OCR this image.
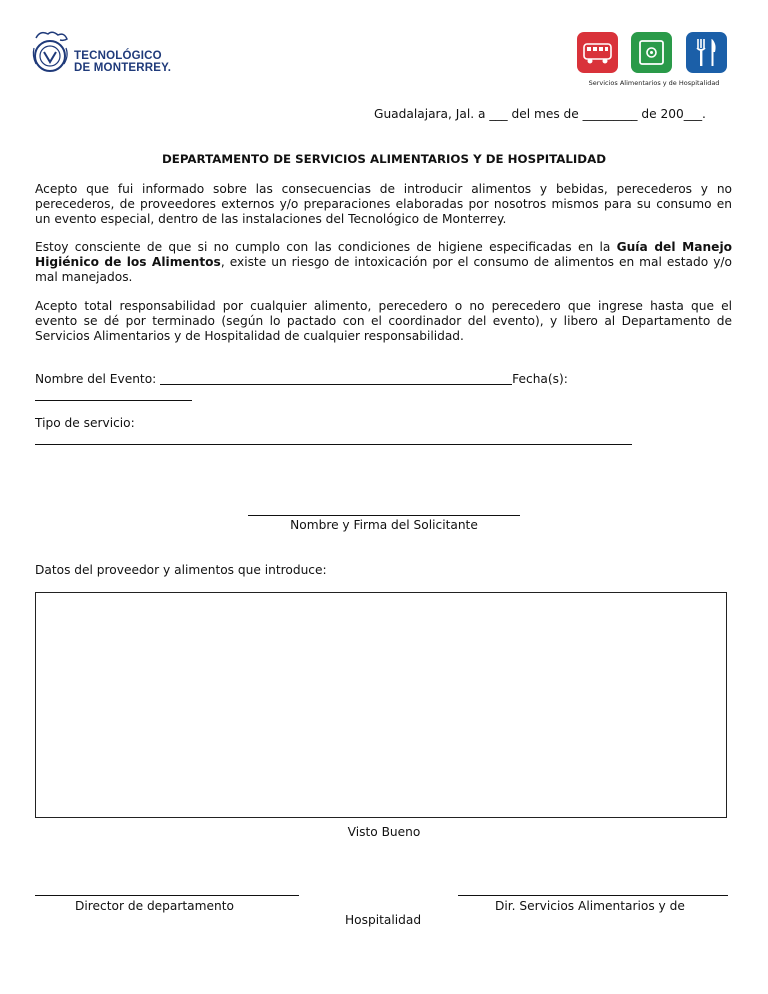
TECNOLÓGICO
DE MONTERREY.
Servicios Alimentarios y de Hospitalidad
Guadalajara, Jal. a ___ del mes de _________ de 200___.
DEPARTAMENTO DE SERVICIOS ALIMENTARIOS Y DE HOSPITALIDAD
Acepto que fui informado sobre las consecuencias de introducir alimentos y bebidas, perecederos y no perecederos, de proveedores externos y/o preparaciones elaboradas por nosotros mismos para su consumo en un evento especial, dentro de las instalaciones del Tecnológico de Monterrey.
Estoy consciente de que si no cumplo con las condiciones de higiene especificadas en la Guía del Manejo Higiénico de los Alimentos, existe un riesgo de intoxicación por el consumo de alimentos en mal estado y/o mal manejados.
Acepto total responsabilidad por cualquier alimento, perecedero o no perecedero que ingrese hasta que el evento se dé por terminado (según lo pactado con el coordinador del evento), y libero al Departamento de Servicios Alimentarios y de Hospitalidad de cualquier responsabilidad.
Nombre del Evento:	Fecha(s):
Tipo de servicio:
Nombre y Firma del Solicitante
Datos del proveedor y alimentos que introduce:
Visto Bueno
Director de departamento	Dir. Servicios Alimentarios y de
Hospitalidad
